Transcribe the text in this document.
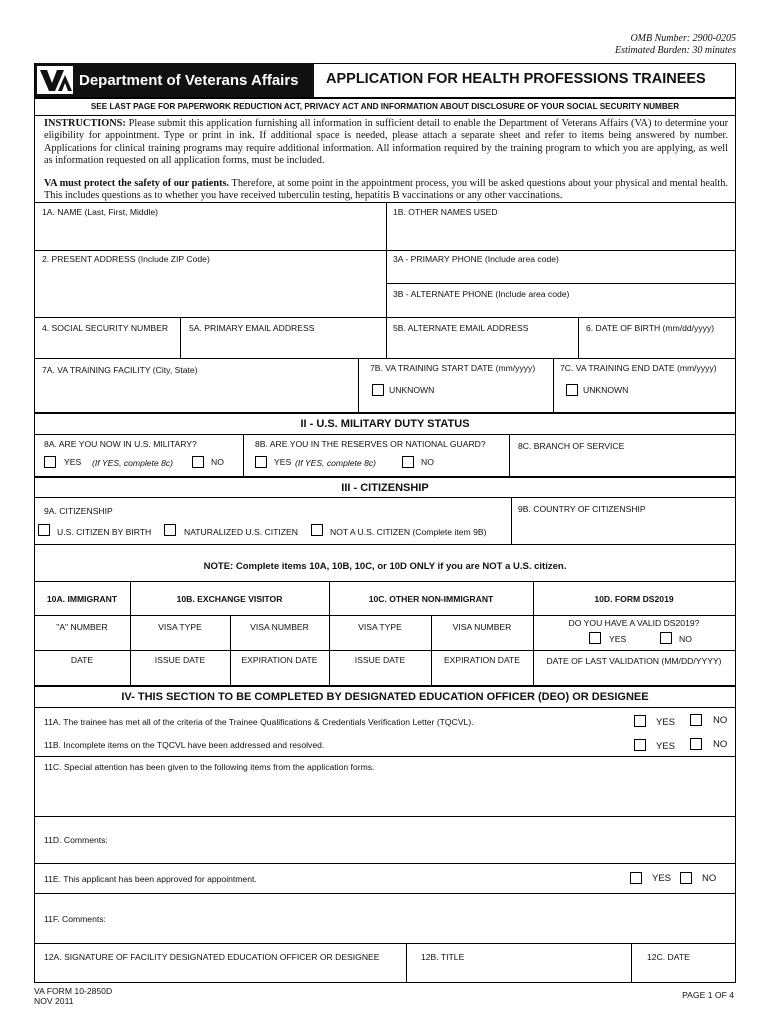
OMB Number: 2900-0205
Estimated Burden: 30 minutes
Department of Veterans Affairs APPLICATION FOR HEALTH PROFESSIONS TRAINEES
SEE LAST PAGE FOR PAPERWORK REDUCTION ACT, PRIVACY ACT AND INFORMATION ABOUT DISCLOSURE OF YOUR SOCIAL SECURITY NUMBER
INSTRUCTIONS: Please submit this application furnishing all information in sufficient detail to enable the Department of Veterans Affairs (VA) to determine your eligibility for appointment. Type or print in ink. If additional space is needed, please attach a separate sheet and refer to items being answered by number. Applications for clinical training programs may require additional information. All information required by the training program to which you are applying, as well as information requested on all application forms, must be included.
VA must protect the safety of our patients. Therefore, at some point in the appointment process, you will be asked questions about your physical and mental health. This includes questions as to whether you have received tuberculin testing, hepatitis B vaccinations or any other vaccinations.
1A. NAME (Last, First, Middle)	1B. OTHER NAMES USED
2. PRESENT ADDRESS (Include ZIP Code)	3A - PRIMARY PHONE (Include area code)
3B - ALTERNATE PHONE (Include area code)
4. SOCIAL SECURITY NUMBER 5A. PRIMARY EMAIL ADDRESS	5B. ALTERNATE EMAIL ADDRESS	6. DATE OF BIRTH (mm/dd/yyyy)
7A. VA TRAINING FACILITY (City, State)	7B. VA TRAINING START DATE (mm/yyyy)	7C. VA TRAINING END DATE (mm/yyyy)
UNKNOWN	UNKNOWN
II - U.S. MILITARY DUTY STATUS
8A. ARE YOU NOW IN U.S. MILITARY?	8B. ARE YOU IN THE RESERVES OR NATIONAL GUARD?	8C. BRANCH OF SERVICE
YES (If YES, complete 8c)	NO	YES (If YES, complete 8c)	NO
III - CITIZENSHIP
9A. CITIZENSHIP	9B. COUNTRY OF CITIZENSHIP
U.S. CITIZEN BY BIRTH	NATURALIZED U.S. CITIZEN	NOT A U.S. CITIZEN (Complete item 9B)
NOTE: Complete items 10A, 10B, 10C, or 10D ONLY if you are NOT a U.S. citizen.
10A. IMMIGRANT	10B. EXCHANGE VISITOR	10C. OTHER NON-IMMIGRANT	10D. FORM DS2019
"A" NUMBER	VISA TYPE	VISA NUMBER	VISA TYPE	VISA NUMBER	DO YOU HAVE A VALID DS2019?
YES	NO
DATE	ISSUE DATE	EXPIRATION DATE	ISSUE DATE	EXPIRATION DATE	DATE OF LAST VALIDATION (MM/DD/YYYY)
IV- THIS SECTION TO BE COMPLETED BY DESIGNATED EDUCATION OFFICER (DEO) OR DESIGNEE
11A. The trainee has met all of the criteria of the Trainee Qualifications & Credentials Verification Letter (TQCVL).	YES	NO
11B. Incomplete items on the TQCVL have been addressed and resolved.	YES	NO
11C. Special attention has been given to the following items from the application forms.
11D. Comments:
11E. This applicant has been approved for appointment.	YES	NO
11F. Comments:
12A. SIGNATURE OF FACILITY DESIGNATED EDUCATION OFFICER OR DESIGNEE	12B. TITLE	12C. DATE
VA FORM 10-2850D
NOV 2011
PAGE 1 OF 4
